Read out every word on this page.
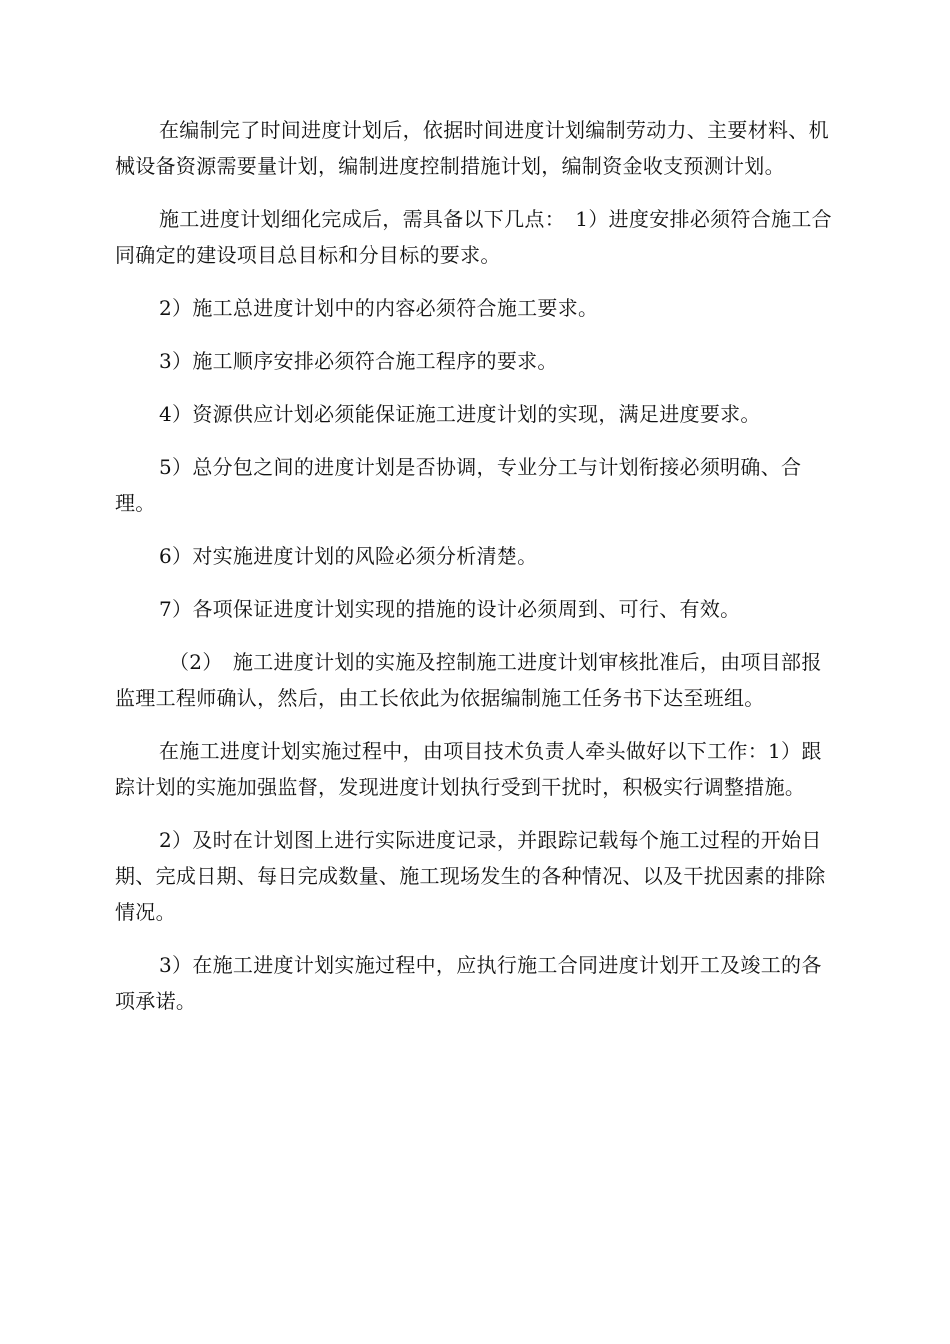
在编制完了时间进度计划后，依据时间进度计划编制劳动力、主要材料、机械设备资源需要量计划，编制进度控制措施计划，编制资金收支预测计划。

施工进度计划细化完成后，需具备以下几点：　1）进度安排必须符合施工合同确定的建设项目总目标和分目标的要求。

2）施工总进度计划中的内容必须符合施工要求。

3）施工顺序安排必须符合施工程序的要求。

4）资源供应计划必须能保证施工进度计划的实现，满足进度要求。

5）总分包之间的进度计划是否协调，专业分工与计划衔接必须明确、合理。

6）对实施进度计划的风险必须分析清楚。

7）各项保证进度计划实现的措施的设计必须周到、可行、有效。

（2）　施工进度计划的实施及控制施工进度计划审核批准后，由项目部报监理工程师确认，然后，由工长依此为依据编制施工任务书下达至班组。

在施工进度计划实施过程中，由项目技术负责人牵头做好以下工作：1）跟踪计划的实施加强监督，发现进度计划执行受到干扰时，积极实行调整措施。

2）及时在计划图上进行实际进度记录，并跟踪记载每个施工过程的开始日期、完成日期、每日完成数量、施工现场发生的各种情况、以及干扰因素的排除情况。

3）在施工进度计划实施过程中，应执行施工合同进度计划开工及竣工的各项承诺。
